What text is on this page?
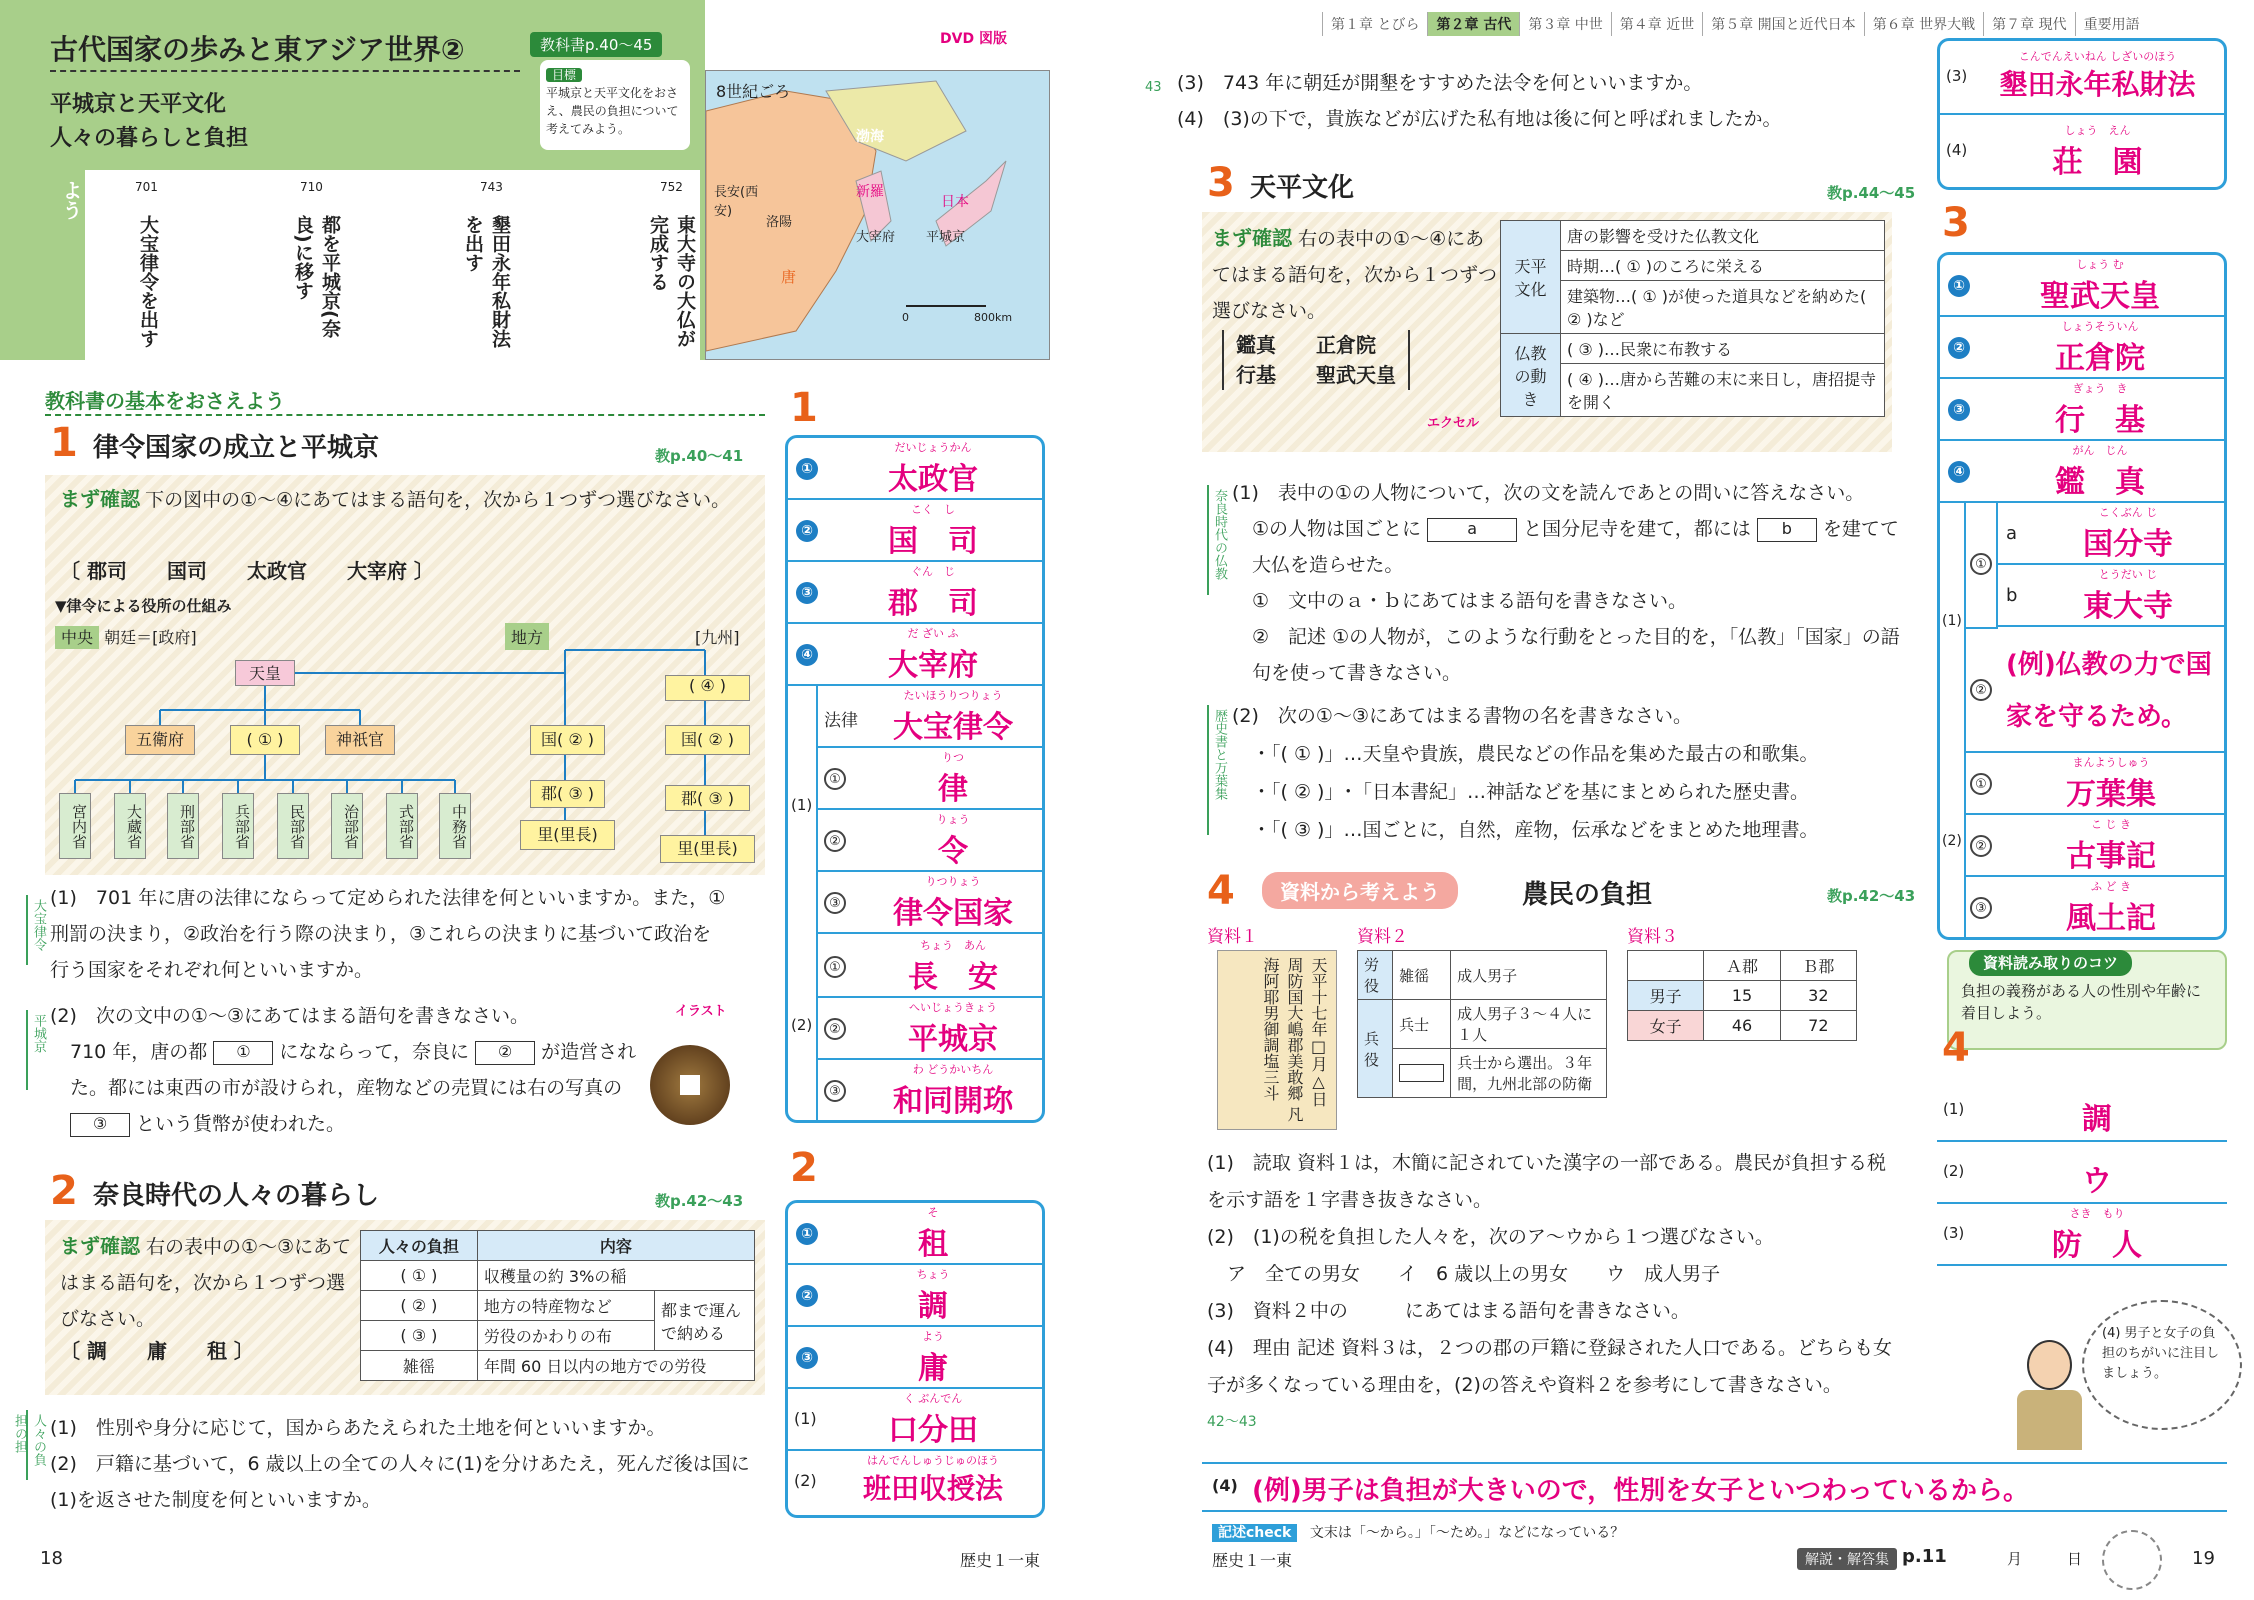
古代国家の歩みと東アジア世界②	教科書p.40～45	DVD 図版
平城京と天平文化
人々の暮らしと負担
目標
平城京と天平文化をおさえ、農民の負担について考えてみよう。
年表と地図で確認しよう	701
大宝律令を出す
710
都を平城京(奈良)に移す
743
墾田永年私財法を出す
752
東大寺の大仏が完成する
8世紀ごろ
渤海
長安(西安)
洛陽
新羅
日本
唐
大宰府 平城京
0	800km
教科書の基本をおさえよう
1 律令国家の成立と平城京	教p.40～41
まず確認 下の図中の①～④にあてはまる語句を，次から１つずつ選びなさい。
〔 郡司　　国司　　太政官　　大宰府 〕
▼律令による役所の仕組み
中央 朝廷＝[政府]	地方	[九州]
天皇
五衛府	( ① )	神祇官
宮内省	大蔵省	刑部省	兵部省	民部省	治部省	式部省	中務省
国( ② )
郡( ③ )
里(里長)
( ④ )
国( ② )
郡( ③ )
里(里長)
大宝律令
(1)　701 年に唐の法律にならって定められた法律を何といいますか。また，①刑罰の決まり，②政治を行う際の決まり，③これらの決まりに基づいて政治を行う国家をそれぞれ何といいますか。
平城京 (2)　次の文中の①～③にあてはまる語句を書きなさい。
710 年，唐の都 ① になならって，奈良に ② が造営された。都には東西の市が設けられ，産物などの売買には右の写真の ③ という貨幣が使われた。
イラスト
2 奈良時代の人々の暮らし	教p.42～43
まず確認 右の表中の①～③にあてはまる語句を，次から１つずつ選びなさい。
〔 調　　庸　　租 〕
人々の負担	内容	
( ① )	収穫量の約 3%の稲	
( ② )	地方の特産物など	都まで運んで納める
( ③ )	労役のかわりの布	
雑徭	年間 60 日以内の地方での労役	
人々の負担の担	(1)　性別や身分に応じて，国からあたえられた土地を何といいますか。
(2)　戸籍に基づいて，6 歳以上の全ての人々に(1)を分けあたえ，死んだ後は国に(1)を返させた制度を何といいますか。
1
①
だいじょうかん
太政官
②
こく　し
国　司
③
ぐん　じ
郡　司
④
だ ざい ふ
大宰府
(1)
法律
たいほうりつりょう
大宝律令
①
りつ
律
②
りょう
令
③
りつりょう
律令国家
(2)
①
ちょう　あん
長　安
②
へいじょうきょう
平城京
③
わ どうかいちん
和同開珎
2
①
そ
租
②
ちょう
調
③
よう
庸
(1)
く ぶんでん
口分田
(2)
はんでんしゅうじゅのほう
班田収授法
18	歴史１一東
第１章 とびら 第２章 古代 第３章 中世 第４章 近世 第５章 開国と近代日本 第６章 世界大戦 第７章 現代 重要用語
(3)　743 年に朝廷が開墾をすすめた法令を何といいますか。
(4)　(3)の下で，貴族などが広げた私有地は後に何と呼ばれましたか。
43
3 天平文化	教p.44～45
まず確認 右の表中の①～④にあてはまる語句を，次から１つずつ選びなさい。
鑑真　　正倉院
行基　　聖武天皇
エクセル
天平文化	唐の影響を受けた仏教文化
	時期…( ① )のころに栄える
	建築物…( ① )が使った道具などを納めた( ② )など
仏教の動き	( ③ )…民衆に布教する
	( ④ )…唐から苦難の末に来日し，唐招提寺を開く
奈良時代の仏教 (1)　表中の①の人物について，次の文を読んであとの問いに答えなさい。
①の人物は国ごとに	a と国分尼寺を建て，都には b を建てて大仏を造らせた。
①　文中のａ・ｂにあてはまる語句を書きなさい。
②　記述 ①の人物が，このような行動をとった目的を，「仏教」「国家」の語句を使って書きなさい。
歴史書と万葉集 (2)　次の①～③にあてはまる書物の名を書きなさい。
・「( ① )」…天皇や貴族，農民などの作品を集めた最古の和歌集。
・「( ② )」･「日本書紀」…神話などを基にまとめられた歴史書。
・「( ③ )」…国ごとに，自然，産物，伝承などをまとめた地理書。
4	資料から考えよう	農民の負担	教p.42～43
資料１
天平十七年□月△日　周防国大嶋郡美敢郷 凡海阿耶男御調塩三斗
資料２
労役	雑徭	成人男子
兵役	兵士	成人男子３～４人に１人
		兵士から選出。３年間，九州北部の防衛
資料３
	Ａ郡	Ｂ郡
男子	15	32
女子	46	72
(1)　読取 資料１は，木簡に記されていた漢字の一部である。農民が負担する税を示す語を１字書き抜きなさい。
(2)　(1)の税を負担した人々を，次のア～ウから１つ選びなさい。
ア　全ての男女　　イ　6 歳以上の男女　　ウ　成人男子
(3)　資料２中の　　　にあてはまる語句を書きなさい。
(4)　理由 記述 資料３は，２つの郡の戸籍に登録された人口である。どちらも女子が多くなっている理由を，(2)の答えや資料２を参考にして書きなさい。
42～43
(4) 男子と女子の負担のちがいに注目しましょう。
(3)
こんでんえいねん しざいのほう
墾田永年私財法
(4)
しょう　えん
荘　園
3
①
しょう む
聖武天皇
②
しょうそういん
正倉院
③
ぎょう　き
行　基
④
がん　じん
鑑　真
(1)
①
a
こくぶん じ
国分寺
b
とうだい じ
東大寺
②
(例)仏教の力で国家を守るため。
(2)
①
まんようしゅう
万葉集
②
こ じ き
古事記
③
ふ ど き
風土記
資料読み取りのコツ
負担の義務がある人の性別や年齢に着目しよう。
4
(1)	調
(2)	ウ
(3)
さき　もり
防　人
(4) (例)男子は負担が大きいので，性別を女子といつわっているから。
記述check 文末は「～から。」「～ため。」などになっている？
歴史１一東	解説・解答集 p.11	月	日	19
